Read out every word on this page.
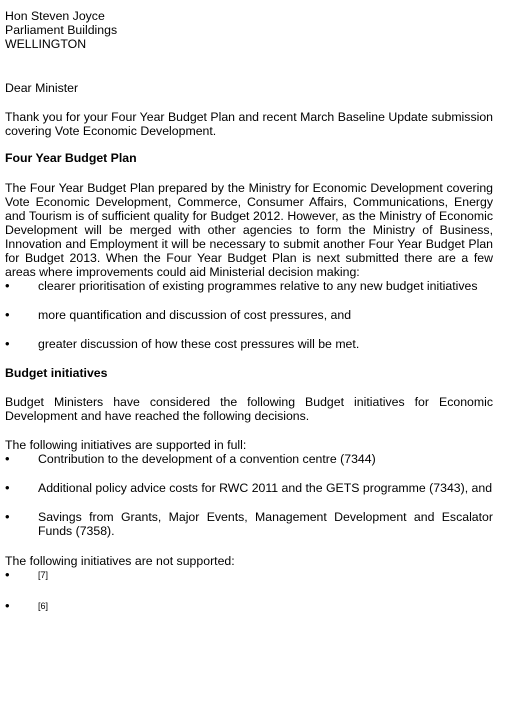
Hon Steven Joyce
Parliament Buildings
WELLINGTON

Dear Minister

Thank you for your Four Year Budget Plan and recent March Baseline Update submission covering Vote Economic Development.

Four Year Budget Plan

The Four Year Budget Plan prepared by the Ministry for Economic Development covering Vote Economic Development, Commerce, Consumer Affairs, Communications, Energy and Tourism is of sufficient quality for Budget 2012. However, as the Ministry of Economic Development will be merged with other agencies to form the Ministry of Business, Innovation and Employment it will be necessary to submit another Four Year Budget Plan for Budget 2013. When the Four Year Budget Plan is next submitted there are a few areas where improvements could aid Ministerial decision making:

•	clearer prioritisation of existing programmes relative to any new budget initiatives
•	more quantification and discussion of cost pressures, and
•	greater discussion of how these cost pressures will be met.
Budget initiatives

Budget Ministers have considered the following Budget initiatives for Economic Development and have reached the following decisions.

The following initiatives are supported in full:

•	Contribution to the development of a convention centre (7344)
•	Additional policy advice costs for RWC 2011 and the GETS programme (7343), and
•	Savings from Grants, Major Events, Management Development and Escalator Funds (7358).

The following initiatives are not supported:

•	[7]
•	[6]
